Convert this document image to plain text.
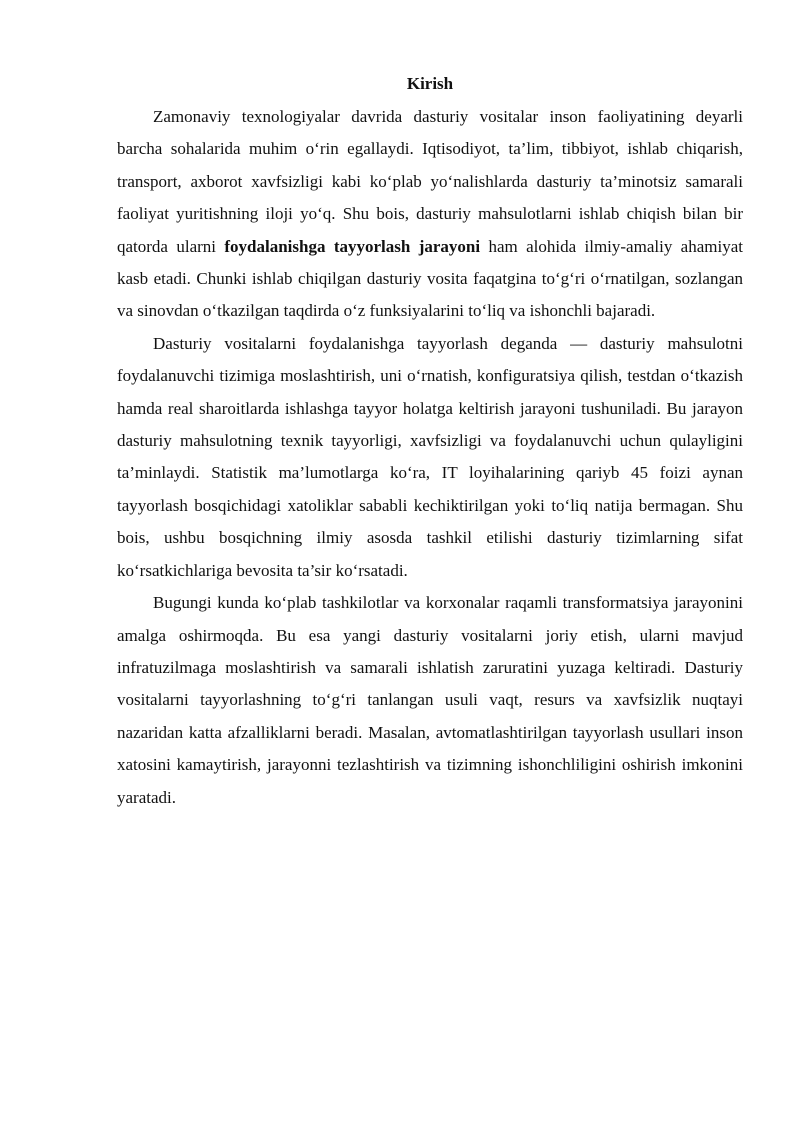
Kirish

Zamonaviy texnologiyalar davrida dasturiy vositalar inson faoliyatining deyarli barcha sohalarida muhim o‘rin egallaydi. Iqtisodiyot, ta’lim, tibbiyot, ishlab chiqarish, transport, axborot xavfsizligi kabi ko‘plab yo‘nalishlarda dasturiy ta’minotsiz samarali faoliyat yuritishning iloji yo‘q. Shu bois, dasturiy mahsulotlarni ishlab chiqish bilan bir qatorda ularni foydalanishga tayyorlash jarayoni ham alohida ilmiy-amaliy ahamiyat kasb etadi. Chunki ishlab chiqilgan dasturiy vosita faqatgina to‘g‘ri o‘rnatilgan, sozlangan va sinovdan o‘tkazilgan taqdirda o‘z funksiyalarini to‘liq va ishonchli bajaradi.

Dasturiy vositalarni foydalanishga tayyorlash deganda — dasturiy mahsulotni foydalanuvchi tizimiga moslashtirish, uni o‘rnatish, konfiguratsiya qilish, testdan o‘tkazish hamda real sharoitlarda ishlashga tayyor holatga keltirish jarayoni tushuniladi. Bu jarayon dasturiy mahsulotning texnik tayyorligi, xavfsizligi va foydalanuvchi uchun qulayligini ta’minlaydi. Statistik ma’lumotlarga ko‘ra, IT loyihalarining qariyb 45 foizi aynan tayyorlash bosqichidagi xatoliklar sababli kechiktirilgan yoki to‘liq natija bermagan. Shu bois, ushbu bosqichning ilmiy asosda tashkil etilishi dasturiy tizimlarning sifat ko‘rsatkichlariga bevosita ta’sir ko‘rsatadi.

Bugungi kunda ko‘plab tashkilotlar va korxonalar raqamli transformatsiya jarayonini amalga oshirmoqda. Bu esa yangi dasturiy vositalarni joriy etish, ularni mavjud infratuzilmaga moslashtirish va samarali ishlatish zaruratini yuzaga keltiradi. Dasturiy vositalarni tayyorlashning to‘g‘ri tanlangan usuli vaqt, resurs va xavfsizlik nuqtayi nazaridan katta afzalliklarni beradi. Masalan, avtomatlashtirilgan tayyorlash usullari inson xatosini kamaytirish, jarayonni tezlashtirish va tizimning ishonchliligini oshirish imkonini yaratadi.
